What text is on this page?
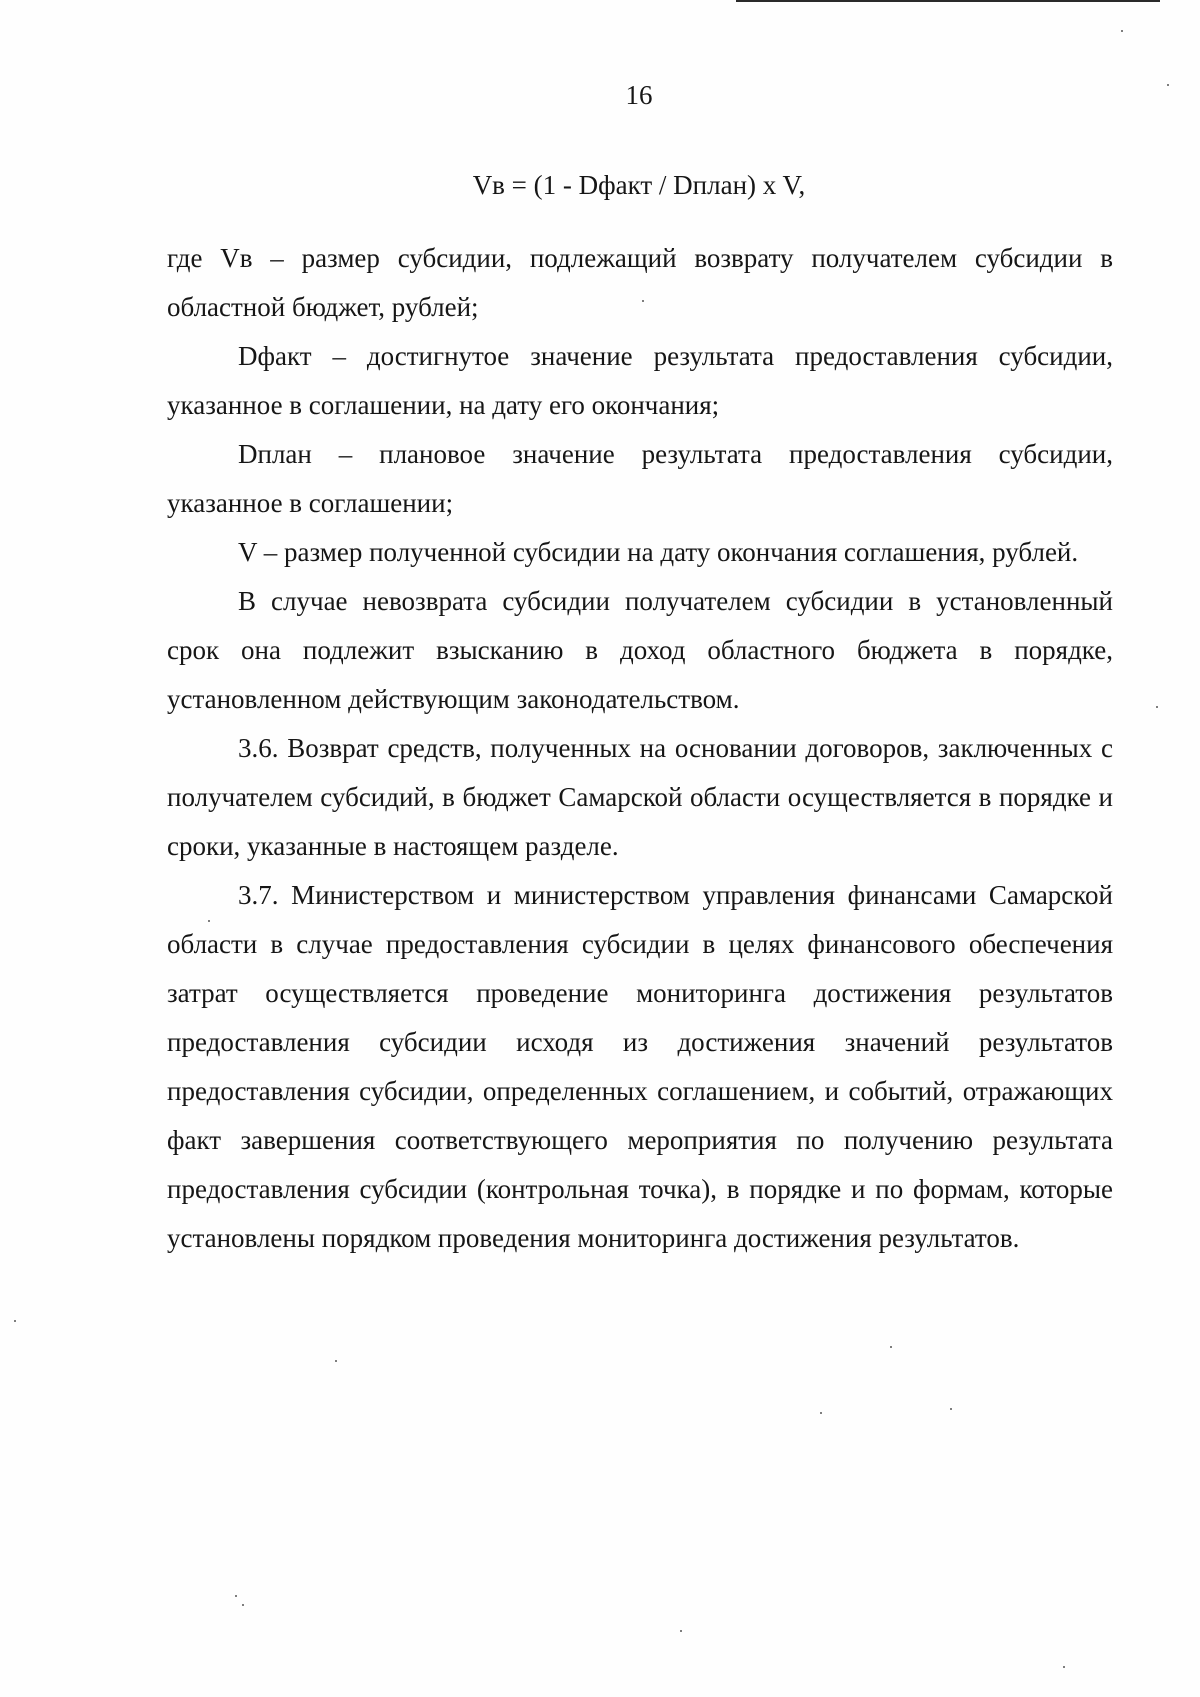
16
Vв = (1 - Dфакт / Dплан) x V,

где Vв – размер субсидии, подлежащий возврату получателем субсидии в областной бюджет, рублей;

Dфакт – достигнутое значение результата предоставления субсидии, указанное в соглашении, на дату его окончания;

Dплан – плановое значение результата предоставления субсидии, указанное в соглашении;

V – размер полученной субсидии на дату окончания соглашения, рублей.

В случае невозврата субсидии получателем субсидии в установленный срок она подлежит взысканию в доход областного бюджета в порядке, установленном действующим законодательством.

3.6. Возврат средств, полученных на основании договоров, заключенных с получателем субсидий, в бюджет Самарской области осуществляется в порядке и сроки, указанные в настоящем разделе.

3.7. Министерством и министерством управления финансами Самарской области в случае предоставления субсидии в целях финансового обеспечения затрат осуществляется проведение мониторинга достижения результатов предоставления субсидии исходя из достижения значений результатов предоставления субсидии, определенных соглашением, и событий, отражающих факт завершения соответствующего мероприятия по получению результата предоставления субсидии (контрольная точка), в порядке и по формам, которые установлены порядком проведения мониторинга достижения результатов.
